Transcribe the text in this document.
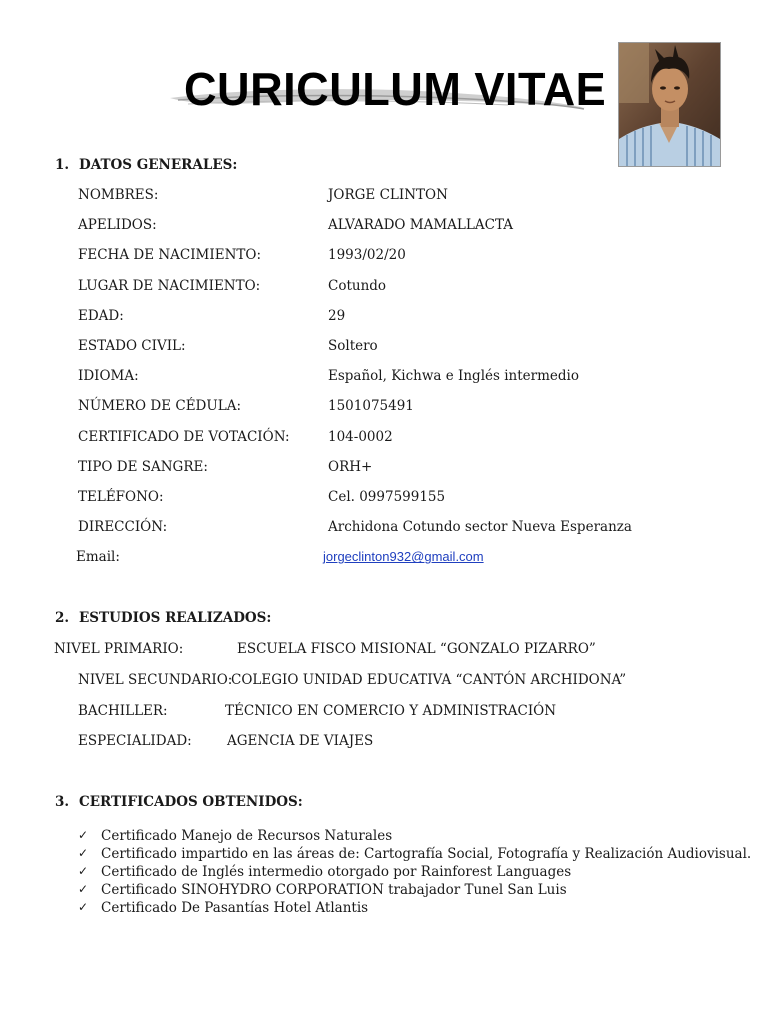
CURICULUM VITAE
1. DATOS GENERALES:
NOMBRES:	JORGE CLINTON
APELIDOS:	ALVARADO MAMALLACTA
FECHA DE NACIMIENTO:	1993/02/20
LUGAR DE NACIMIENTO:	Cotundo
EDAD:	29
ESTADO CIVIL:	Soltero
IDIOMA:	Español, Kichwa e Inglés intermedio
NÚMERO DE CÉDULA:	1501075491
CERTIFICADO DE VOTACIÓN:	104-0002
TIPO DE SANGRE:	ORH+
TELÉFONO:	Cel. 0997599155
DIRECCIÓN:	Archidona Cotundo sector Nueva Esperanza
Email:	jorgeclinton932@gmail.com
2. ESTUDIOS REALIZADOS:
NIVEL PRIMARIO:	ESCUELA FISCO MISIONAL “GONZALO PIZARRO”
NIVEL SECUNDARIO:
COLEGIO UNIDAD EDUCATIVA “CANTÓN ARCHIDONA”
BACHILLER:	TÉCNICO EN COMERCIO Y ADMINISTRACIÓN
ESPECIALIDAD:	AGENCIA DE VIAJES
3. CERTIFICADOS OBTENIDOS:
✓ Certificado Manejo de Recursos Naturales
✓ Certificado impartido en las áreas de: Cartografía Social, Fotografía y Realización Audiovisual.
✓ Certificado de Inglés intermedio otorgado por Rainforest Languages
✓ Certificado SINOHYDRO CORPORATION trabajador Tunel San Luis
✓ Certificado De Pasantías Hotel Atlantis
